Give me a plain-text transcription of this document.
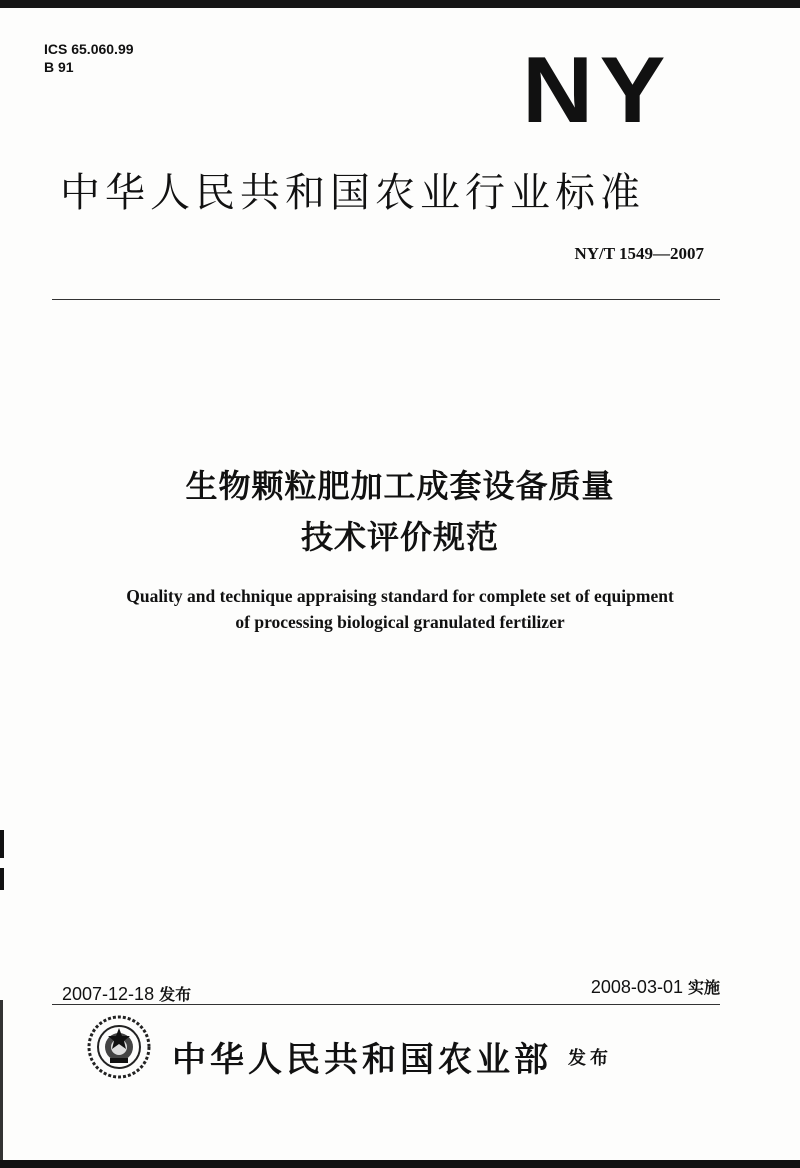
ICS 65.060.99
B 91	NY
中华人民共和国农业行业标准
NY/T 1549—2007
生物颗粒肥加工成套设备质量
技术评价规范
Quality and technique appraising standard for complete set of equipment
of processing biological granulated fertilizer
2007-12-18 发布	2008-03-01 实施
中华人民共和国农业部 发布
